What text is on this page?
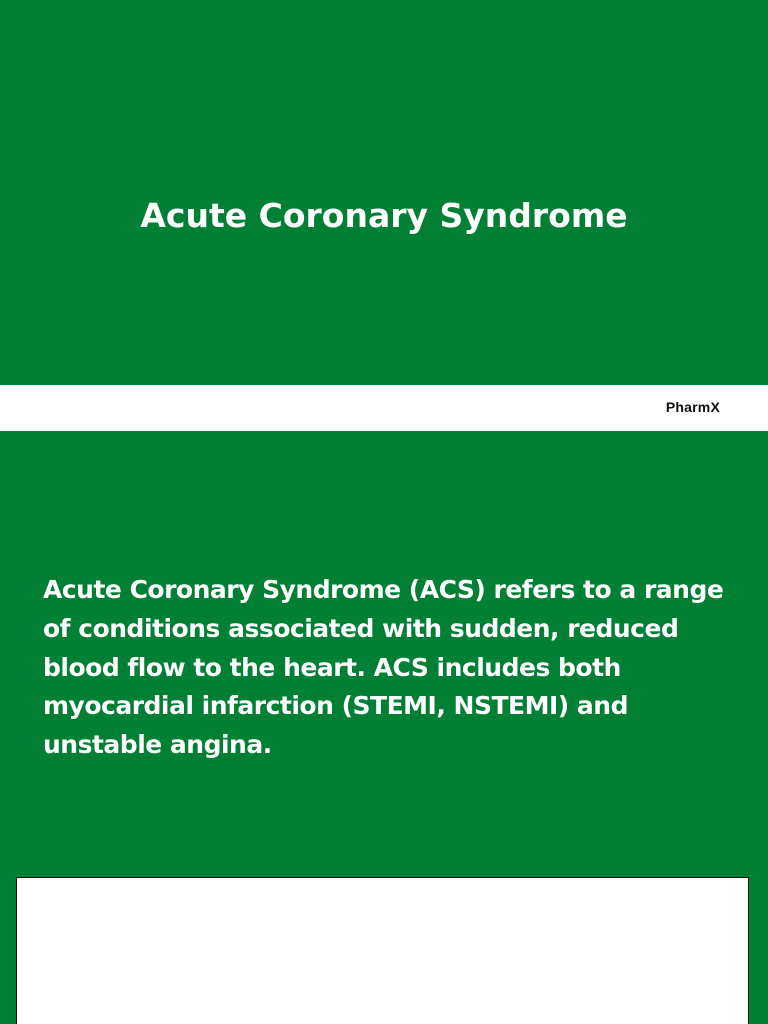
Acute Coronary Syndrome
PharmX

Acute Coronary Syndrome (ACS) refers to a range of conditions associated with sudden, reduced blood flow to the heart. ACS includes both myocardial infarction (STEMI, NSTEMI) and unstable angina.
